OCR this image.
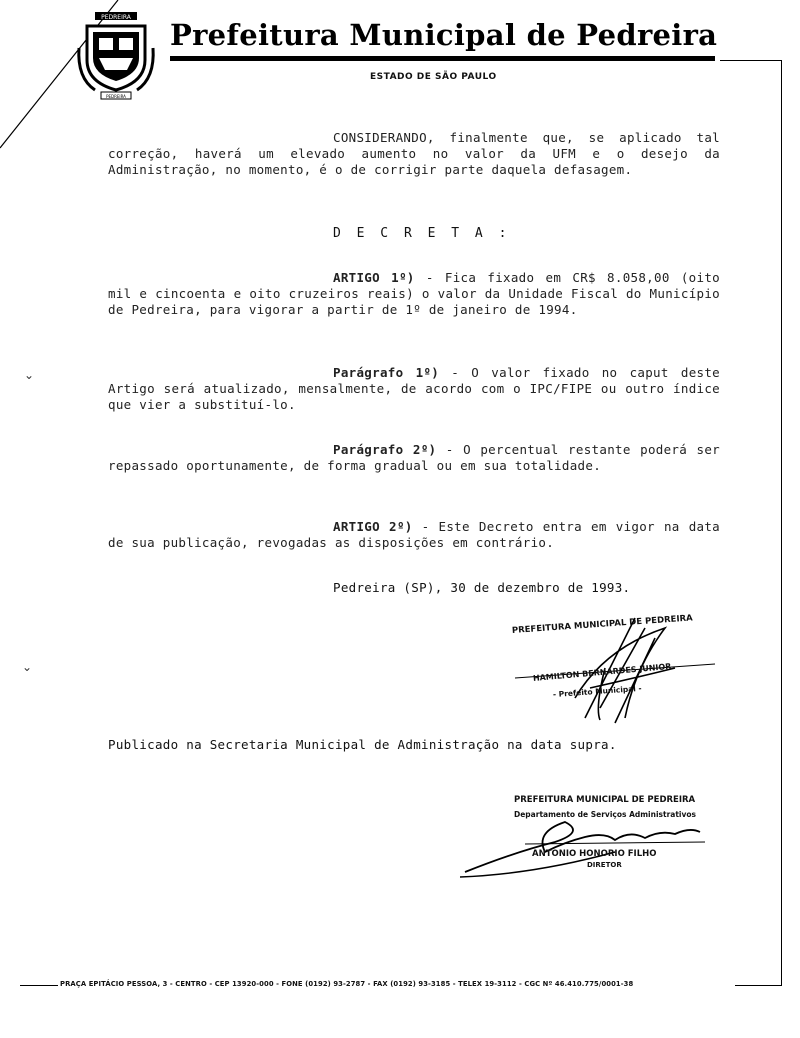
PEDREIRA
PEDREIRA
Prefeitura Municipal de Pedreira
ESTADO DE SÃO PAULO
CONSIDERANDO, finalmente que, se aplicado tal correção, haverá um elevado aumento no valor da UFM e o desejo da Administração, no momento, é o de corrigir parte daquela defasagem.
D E C R E T A :
ARTIGO 1º) - Fica fixado em CR$ 8.058,00 (oito mil e cincoenta e oito cruzeiros reais) o valor da Unidade Fiscal do Município de Pedreira, para vigorar a partir de 1º de janeiro de 1994.
Parágrafo 1º) - O valor fixado no caput deste Artigo será atualizado, mensalmente, de acordo com o IPC/FIPE ou outro índice que vier a substituí-lo.
Parágrafo 2º) - O percentual restante poderá ser repassado oportunamente, de forma gradual ou em sua totalidade.
ARTIGO 2º) - Este Decreto entra em vigor na data de sua publicação, revogadas as disposições em contrário.
Pedreira (SP), 30 de dezembro de 1993.
⌄
⌄
PREFEITURA MUNICIPAL DE PEDREIRA
HAMILTON BERNARDES JUNIOR
- Prefeito Municipal -
Publicado na Secretaria Municipal de Administração na data supra.
PREFEITURA MUNICIPAL DE PEDREIRA
Departamento de Serviços Administrativos
ANTONIO HONORIO FILHO
DIRETOR
PRAÇA EPITÁCIO PESSOA, 3 - CENTRO - CEP 13920-000 - FONE (0192) 93-2787 - FAX (0192) 93-3185 - TELEX 19-3112 - CGC Nº 46.410.775/0001-38
